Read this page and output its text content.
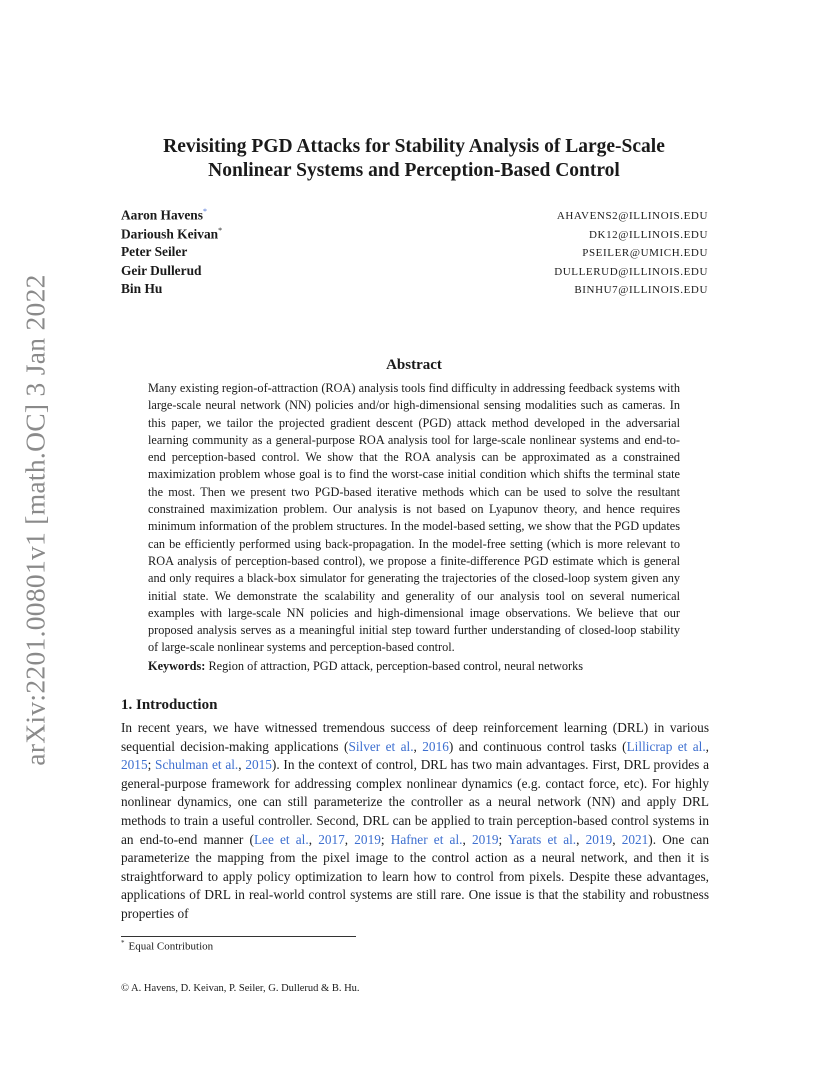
arXiv:2201.00801v1 [math.OC] 3 Jan 2022
Revisiting PGD Attacks for Stability Analysis of Large-Scale
Nonlinear Systems and Perception-Based Control
Aaron Havens*	AHAVENS2@ILLINOIS.EDU
Darioush Keivan*	DK12@ILLINOIS.EDU
Peter Seiler	PSEILER@UMICH.EDU
Geir Dullerud	DULLERUD@ILLINOIS.EDU
Bin Hu	BINHU7@ILLINOIS.EDU
Abstract
Many existing region-of-attraction (ROA) analysis tools find difficulty in addressing feedback systems with large-scale neural network (NN) policies and/or high-dimensional sensing modalities such as cameras. In this paper, we tailor the projected gradient descent (PGD) attack method developed in the adversarial learning community as a general-purpose ROA analysis tool for large-scale nonlinear systems and end-to-end perception-based control. We show that the ROA analysis can be approximated as a constrained maximization problem whose goal is to find the worst-case initial condition which shifts the terminal state the most. Then we present two PGD-based iterative methods which can be used to solve the resultant constrained maximization problem. Our analysis is not based on Lyapunov theory, and hence requires minimum information of the problem structures. In the model-based setting, we show that the PGD updates can be efficiently performed using back-propagation. In the model-free setting (which is more relevant to ROA analysis of perception-based control), we propose a finite-difference PGD estimate which is general and only requires a black-box simulator for generating the trajectories of the closed-loop system given any initial state. We demonstrate the scalability and generality of our analysis tool on several numerical examples with large-scale NN policies and high-dimensional image observations. We believe that our proposed analysis serves as a meaningful initial step toward further understanding of closed-loop stability of large-scale nonlinear systems and perception-based control.
Keywords: Region of attraction, PGD attack, perception-based control, neural networks
1. Introduction
In recent years, we have witnessed tremendous success of deep reinforcement learning (DRL) in various sequential decision-making applications (Silver et al., 2016) and continuous control tasks (Lillicrap et al., 2015; Schulman et al., 2015). In the context of control, DRL has two main advantages. First, DRL provides a general-purpose framework for addressing complex nonlinear dynamics (e.g. contact force, etc). For highly nonlinear dynamics, one can still parameterize the controller as a neural network (NN) and apply DRL methods to train a useful controller. Second, DRL can be applied to train perception-based control systems in an end-to-end manner (Lee et al., 2017, 2019; Hafner et al., 2019; Yarats et al., 2019, 2021). One can parameterize the mapping from the pixel image to the control action as a neural network, and then it is straightforward to apply policy optimization to learn how to control from pixels. Despite these advantages, applications of DRL in real-world control systems are still rare. One issue is that the stability and robustness properties of
* Equal Contribution
© A. Havens, D. Keivan, P. Seiler, G. Dullerud & B. Hu.
